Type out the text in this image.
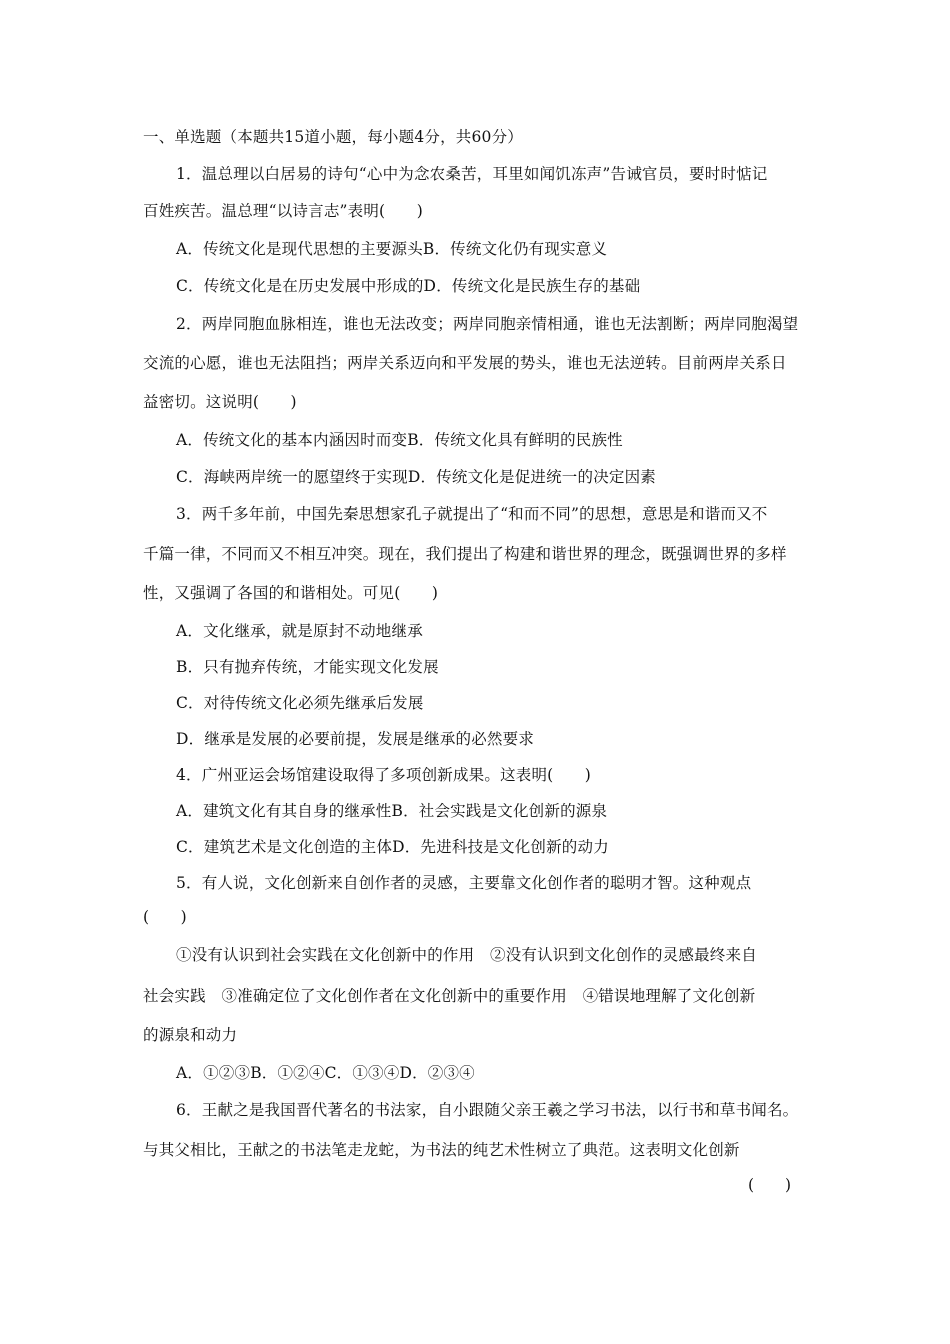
一、单选题（本题共15道小题，每小题4分，共60分）
1．温总理以白居易的诗句“心中为念农桑苦，耳里如闻饥冻声”告诫官员，要时时惦记
百姓疾苦。温总理“以诗言志”表明(　　)
A．传统文化是现代思想的主要源头B．传统文化仍有现实意义
C．传统文化是在历史发展中形成的D．传统文化是民族生存的基础
2．两岸同胞血脉相连，谁也无法改变；两岸同胞亲情相通，谁也无法割断；两岸同胞渴望
交流的心愿，谁也无法阻挡；两岸关系迈向和平发展的势头，谁也无法逆转。目前两岸关系日
益密切。这说明(　　)
A．传统文化的基本内涵因时而变B．传统文化具有鲜明的民族性
C．海峡两岸统一的愿望终于实现D．传统文化是促进统一的决定因素
3．两千多年前，中国先秦思想家孔子就提出了“和而不同”的思想，意思是和谐而又不
千篇一律，不同而又不相互冲突。现在，我们提出了构建和谐世界的理念，既强调世界的多样
性，又强调了各国的和谐相处。可见(　　)
A．文化继承，就是原封不动地继承
B．只有抛弃传统，才能实现文化发展
C．对待传统文化必须先继承后发展
D．继承是发展的必要前提，发展是继承的必然要求
4．广州亚运会场馆建设取得了多项创新成果。这表明(　　)
A．建筑文化有其自身的继承性B．社会实践是文化创新的源泉
C．建筑艺术是文化创造的主体D．先进科技是文化创新的动力
5．有人说，文化创新来自创作者的灵感，主要靠文化创作者的聪明才智。这种观点
(　　)
①没有认识到社会实践在文化创新中的作用　②没有认识到文化创作的灵感最终来自
社会实践　③准确定位了文化创作者在文化创新中的重要作用　④错误地理解了文化创新
的源泉和动力
A．①②③B．①②④C．①③④D．②③④
6．王献之是我国晋代著名的书法家，自小跟随父亲王羲之学习书法，以行书和草书闻名。
与其父相比，王献之的书法笔走龙蛇，为书法的纯艺术性树立了典范。这表明文化创新
(　　)
